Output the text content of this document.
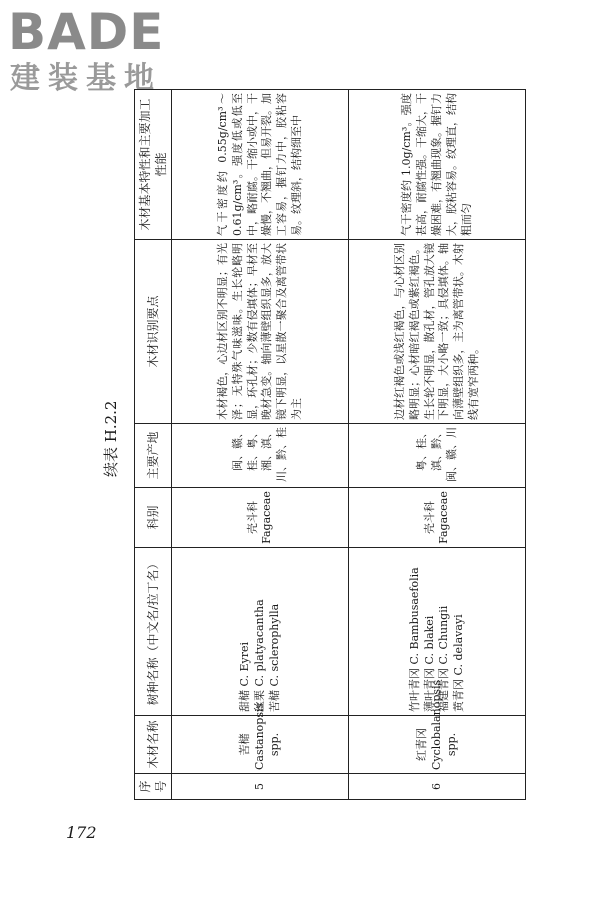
BADE
建装基地
续表 H.2.2
序号	木材名称	树种名称（中文名/拉丁名）	科别	主要产地	木材识别要点	木材基本特性和主要加工性能
5	苦槠 Castanopsis spp.	甜槠 C. Eyrei 丝栗 C. platyacantha 苦槠 C. sclerophylla	壳斗科 Fagaceae	闽、赣、桂、粤、湘、滇、川、黔、桂	木材褐色，心边材区别不明显；有光泽；无特殊气味滋味。生长轮略明显，环孔材；少数有侵填体；早材至晚材急变。轴向薄壁组织显多，放大镜下明显，以星散一聚合及离管带状为主	气干密度约 0.55g/cm³～0.61g/cm³。强度低或低至中，略耐腐。干缩小或中，干燥慢，不翘曲，但易开裂。加工容易，握钉力中，胶粘容易。纹理斜，结构细至中
6	红青冈 Cyclobalanopsis spp.	竹叶青冈 C. Bambusaefolia 薄叶青冈 C. blakei 福建青冈 C. Chungii 黄青冈 C. delavayi	壳斗科 Fagaceae	粤、桂、滇、黔、闽、赣、川	边材红褐色或浅红褐色，与心材区别略明显；心材暗红褐色或紫红褐色。生长轮不明显，散孔材，管孔放大镜下明显，大小略一致；具侵填体。轴向薄壁组织多，主为离管带状。木射线有宽窄两种。	气干密度约 1.0g/cm³。强度甚高，耐腐性强。干缩大，干燥困难，有翘曲现象。握钉力大，胶粘容易。纹理直，结构粗而匀
172
